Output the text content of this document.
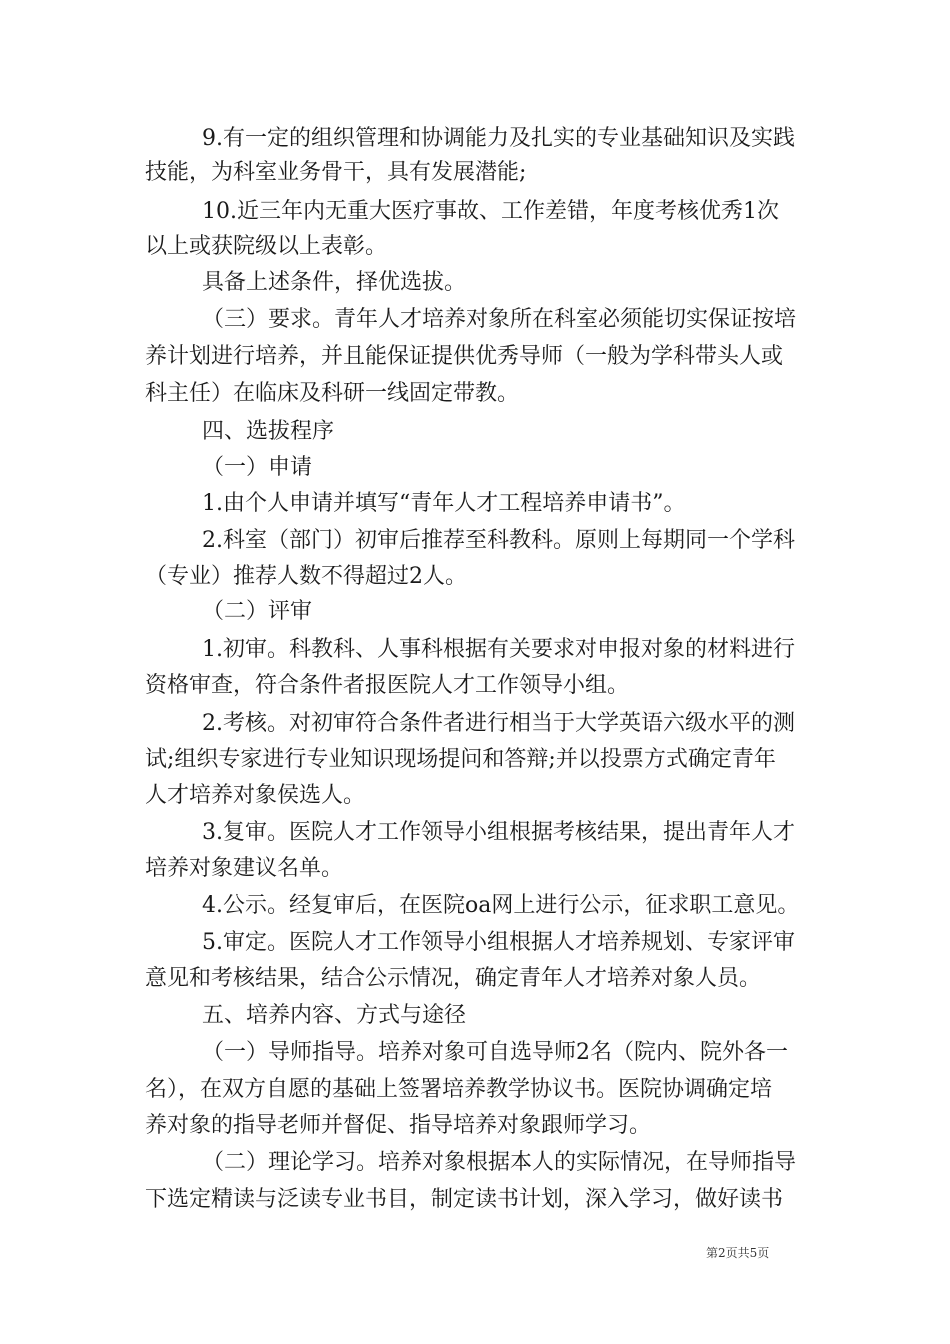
9.有一定的组织管理和协调能力及扎实的专业基础知识及实践
技能，为科室业务骨干，具有发展潜能;
10.近三年内无重大医疗事故、工作差错，年度考核优秀1次
以上或获院级以上表彰。
具备上述条件，择优选拔。
（三）要求。青年人才培养对象所在科室必须能切实保证按培
养计划进行培养，并且能保证提供优秀导师（一般为学科带头人或
科主任）在临床及科研一线固定带教。
四、选拔程序
（一）申请
1.由个人申请并填写“青年人才工程培养申请书”。
2.科室（部门）初审后推荐至科教科。原则上每期同一个学科
（专业）推荐人数不得超过2人。
（二）评审
1.初审。科教科、人事科根据有关要求对申报对象的材料进行
资格审查，符合条件者报医院人才工作领导小组。
2.考核。对初审符合条件者进行相当于大学英语六级水平的测
试;组织专家进行专业知识现场提问和答辩;并以投票方式确定青年
人才培养对象侯选人。
3.复审。医院人才工作领导小组根据考核结果，提出青年人才
培养对象建议名单。
4.公示。经复审后，在医院oa网上进行公示，征求职工意见。
5.审定。医院人才工作领导小组根据人才培养规划、专家评审
意见和考核结果，结合公示情况，确定青年人才培养对象人员。
五、培养内容、方式与途径
（一）导师指导。培养对象可自选导师2名（院内、院外各一
名），在双方自愿的基础上签署培养教学协议书。医院协调确定培
养对象的指导老师并督促、指导培养对象跟师学习。
（二）理论学习。培养对象根据本人的实际情况，在导师指导
下选定精读与泛读专业书目，制定读书计划，深入学习，做好读书
第2页共5页
